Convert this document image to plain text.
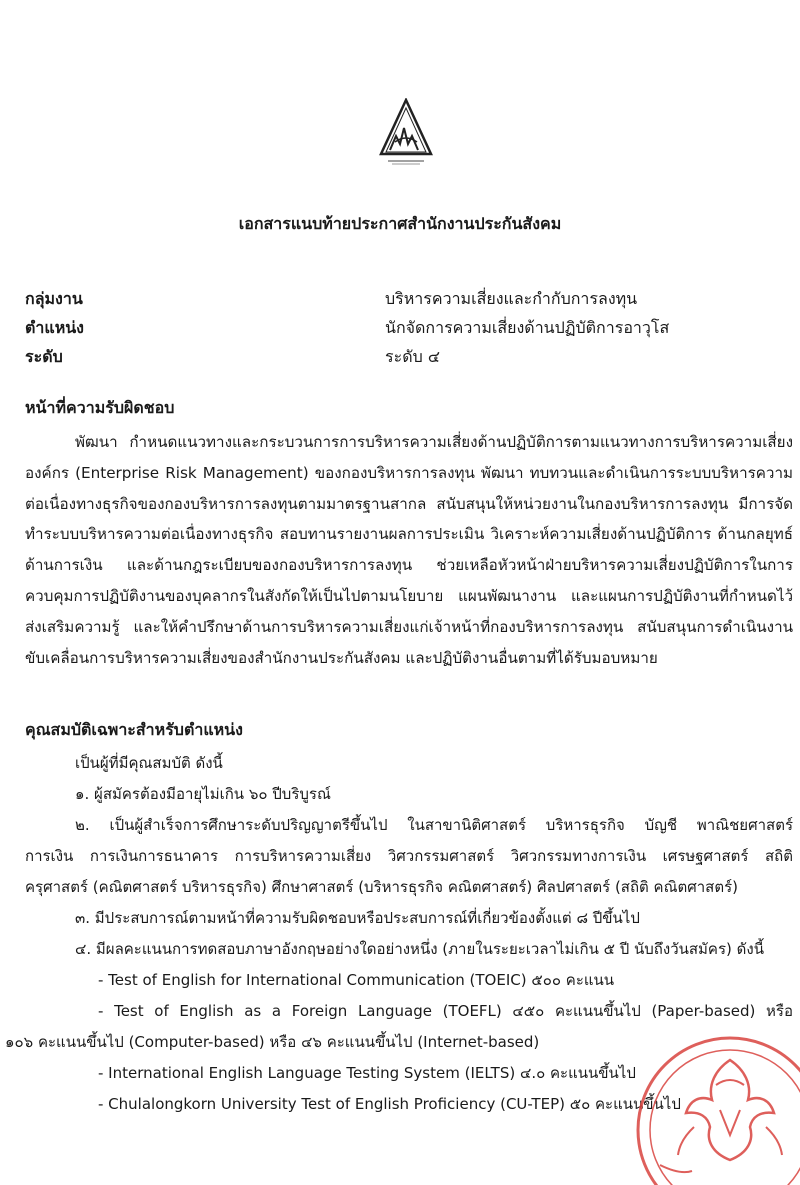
เอกสารแนบท้ายประกาศสำนักงานประกันสังคม
กลุ่มงาน	บริหารความเสี่ยงและกำกับการลงทุน
ตำแหน่ง	นักจัดการความเสี่ยงด้านปฏิบัติการอาวุโส
ระดับ	ระดับ ๔
หน้าที่ความรับผิดชอบ

พัฒนา กำหนดแนวทางและกระบวนการการบริหารความเสี่ยงด้านปฏิบัติการตามแนวทางการบริหารความเสี่ยงองค์กร (Enterprise Risk Management) ของกองบริหารการลงทุน พัฒนา ทบทวนและดำเนินการระบบบริหารความต่อเนื่องทางธุรกิจของกองบริหารการลงทุนตามมาตรฐานสากล สนับสนุนให้หน่วยงานในกองบริหารการลงทุน มีการจัดทำระบบบริหารความต่อเนื่องทางธุรกิจ สอบทานรายงานผลการประเมิน วิเคราะห์ความเสี่ยงด้านปฏิบัติการ ด้านกลยุทธ์ ด้านการเงิน และด้านกฎระเบียบของกองบริหารการลงทุน ช่วยเหลือหัวหน้าฝ่ายบริหารความเสี่ยงปฏิบัติการในการควบคุมการปฏิบัติงานของบุคลากรในสังกัดให้เป็นไปตามนโยบาย แผนพัฒนางาน และแผนการปฏิบัติงานที่กำหนดไว้ ส่งเสริมความรู้ และให้คำปรึกษาด้านการบริหารความเสี่ยงแก่เจ้าหน้าที่กองบริหารการลงทุน สนับสนุนการดำเนินงานขับเคลื่อนการบริหารความเสี่ยงของสำนักงานประกันสังคม และปฏิบัติงานอื่นตามที่ได้รับมอบหมาย

คุณสมบัติเฉพาะสำหรับตำแหน่ง
เป็นผู้ที่มีคุณสมบัติ ดังนี้
๑. ผู้สมัครต้องมีอายุไม่เกิน ๖๐ ปีบริบูรณ์
๒. เป็นผู้สำเร็จการศึกษาระดับปริญญาตรีขึ้นไป ในสาขานิติศาสตร์ บริหารธุรกิจ บัญชี พาณิชยศาสตร์
การเงิน การเงินการธนาคาร การบริหารความเสี่ยง วิศวกรรมศาสตร์ วิศวกรรมทางการเงิน เศรษฐศาสตร์ สถิติ
ครุศาสตร์ (คณิตศาสตร์ บริหารธุรกิจ) ศึกษาศาสตร์ (บริหารธุรกิจ คณิตศาสตร์) ศิลปศาสตร์ (สถิติ คณิตศาสตร์)
๓. มีประสบการณ์ตามหน้าที่ความรับผิดชอบหรือประสบการณ์ที่เกี่ยวข้องตั้งแต่ ๘ ปีขึ้นไป
๔. มีผลคะแนนการทดสอบภาษาอังกฤษอย่างใดอย่างหนึ่ง (ภายในระยะเวลาไม่เกิน ๕ ปี นับถึงวันสมัคร) ดังนี้
- Test of English for International Communication (TOEIC) ๕๐๐ คะแนน
- Test of English as a Foreign Language (TOEFL) ๔๕๐ คะแนนขึ้นไป (Paper-based) หรือ
๑๐๖ คะแนนขึ้นไป (Computer-based) หรือ ๔๖ คะแนนขึ้นไป (Internet-based)
- International English Language Testing System (IELTS) ๔.๐ คะแนนขึ้นไป
- Chulalongkorn University Test of English Proficiency (CU-TEP) ๕๐ คะแนนขึ้นไป
